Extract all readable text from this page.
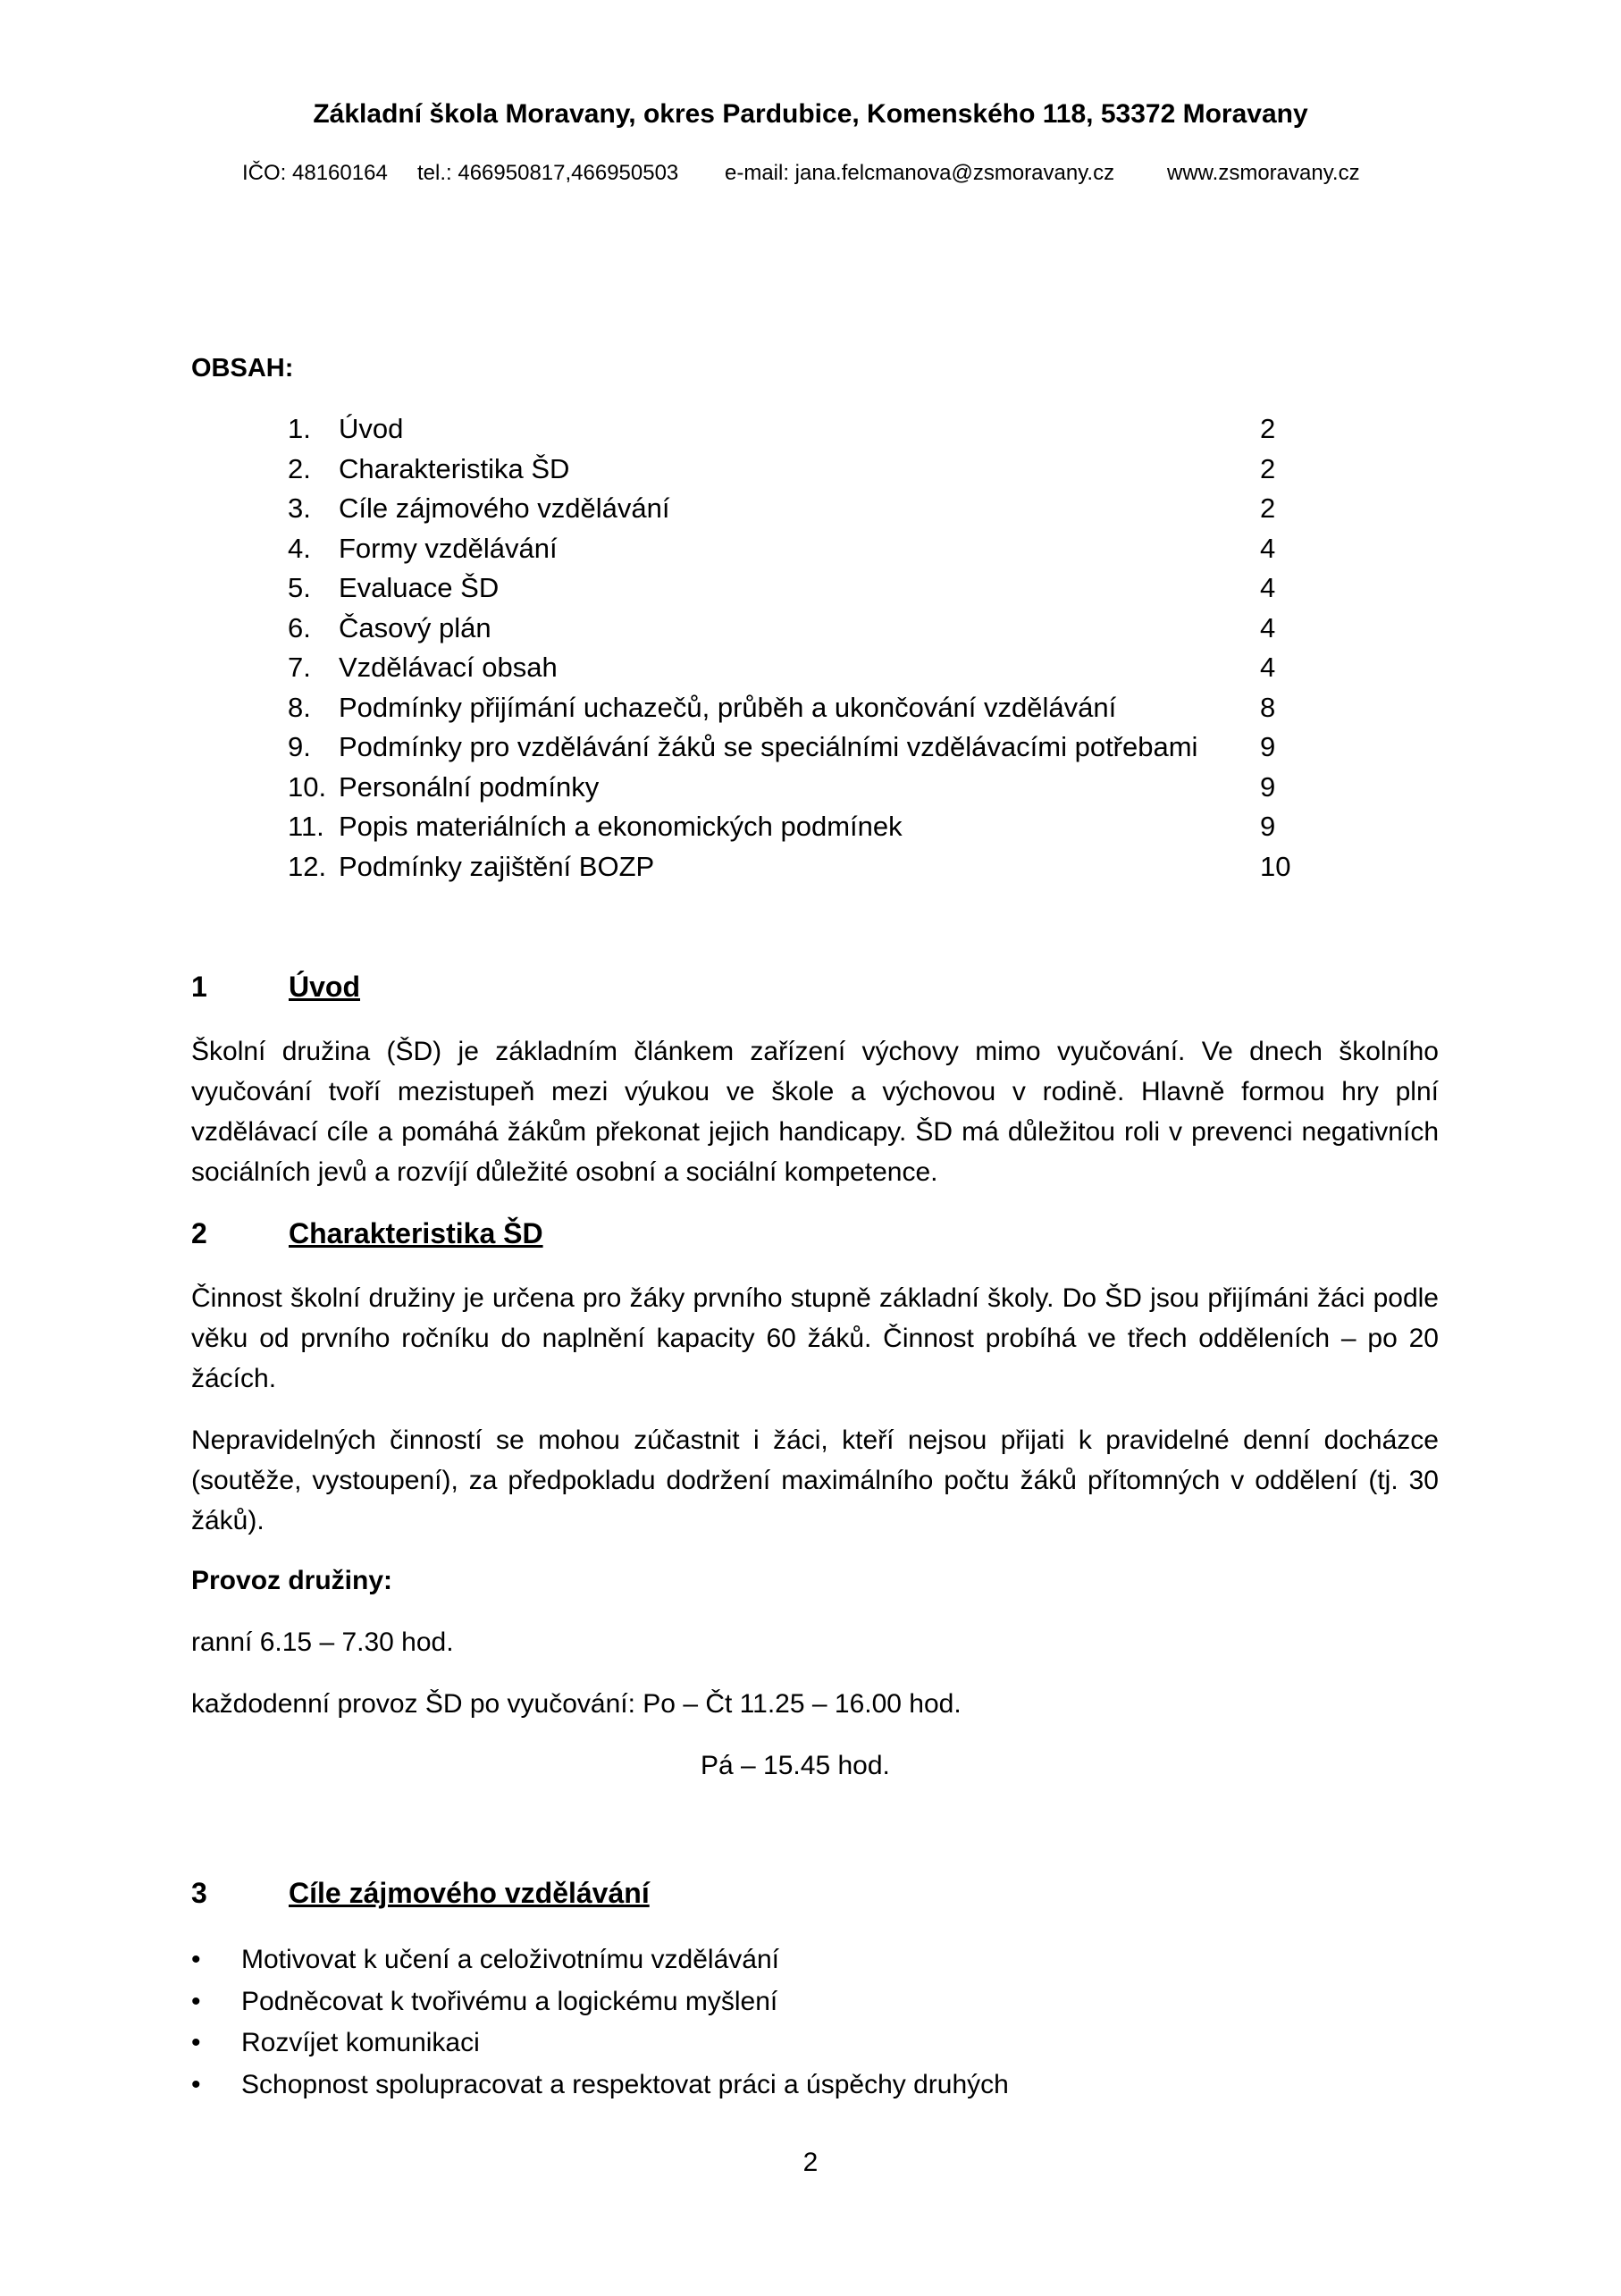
Základní škola Moravany, okres Pardubice, Komenského 118, 53372 Moravany
IČO: 48160164 tel.: 466950817,466950503 e-mail: jana.felcmanova@zsmoravany.cz www.zsmoravany.cz
OBSAH:
1. Úvod	2
2. Charakteristika ŠD	2
3. Cíle zájmového vzdělávání	2
4. Formy vzdělávání	4
5. Evaluace ŠD	4
6. Časový plán	4
7. Vzdělávací obsah	4
8. Podmínky přijímání uchazečů, průběh a ukončování vzdělávání	8
9. Podmínky pro vzdělávání žáků se speciálními vzdělávacími potřebami 9
10. Personální podmínky	9
11. Popis materiálních a ekonomických podmínek	9
12. Podmínky zajištění BOZP	10
1	Úvod

Školní družina (ŠD) je základním článkem zařízení výchovy mimo vyučování. Ve dnech školního vyučování tvoří mezistupeň mezi výukou ve škole a výchovou v rodině. Hlavně formou hry plní vzdělávací cíle a pomáhá žákům překonat jejich handicapy. ŠD má důležitou roli v prevenci negativních sociálních jevů a rozvíjí důležité osobní a sociální kompetence.

2	Charakteristika ŠD

Činnost školní družiny je určena pro žáky prvního stupně základní školy. Do ŠD jsou přijímáni žáci podle věku od prvního ročníku do naplnění kapacity 60 žáků. Činnost probíhá ve třech odděleních – po 20 žácích.

Nepravidelných činností se mohou zúčastnit i žáci, kteří nejsou přijati k pravidelné denní docházce (soutěže, vystoupení), za předpokladu dodržení maximálního počtu žáků přítomných v oddělení (tj. 30 žáků).

Provoz družiny:
ranní 6.15 – 7.30 hod.
každodenní provoz ŠD po vyučování: Po – Čt 11.25 – 16.00 hod.
Pá – 15.45 hod.
3	Cíle zájmového vzdělávání
• Motivovat k učení a celoživotnímu vzdělávání
• Podněcovat k tvořivému a logickému myšlení
• Rozvíjet komunikaci
• Schopnost spolupracovat a respektovat práci a úspěchy druhých
2
